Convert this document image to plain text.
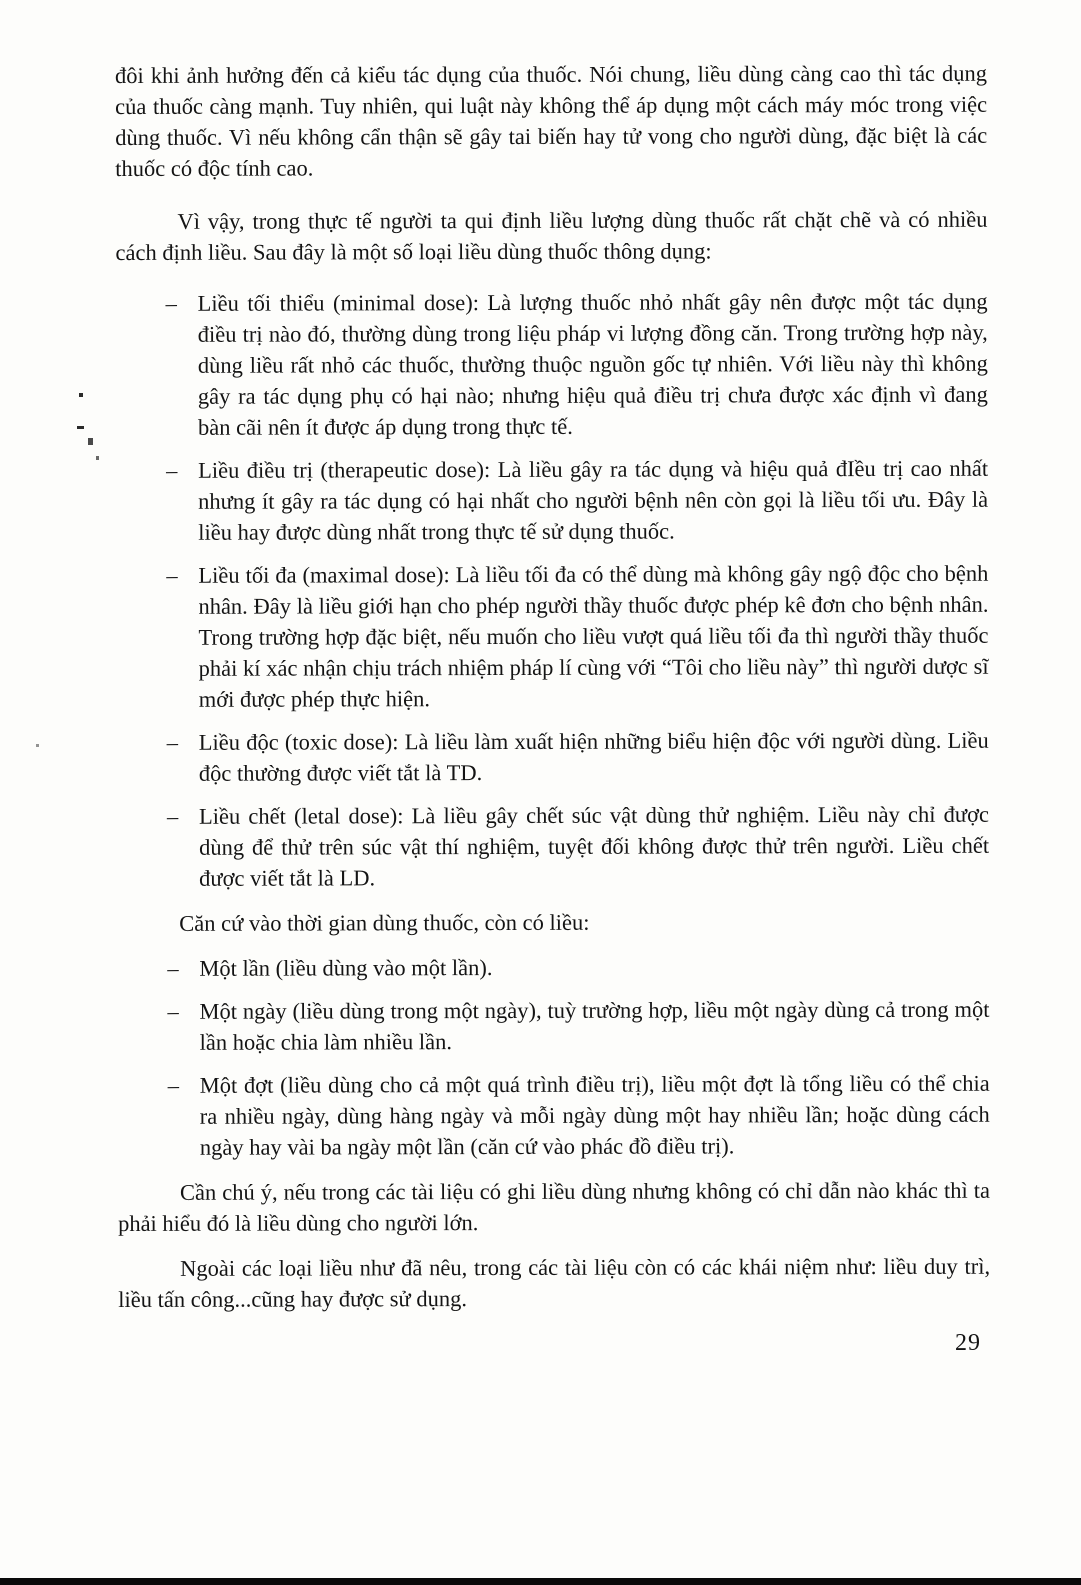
đôi khi ảnh hưởng đến cả kiểu tác dụng của thuốc. Nói chung, liều dùng càng cao thì tác dụng của thuốc càng mạnh. Tuy nhiên, qui luật này không thể áp dụng một cách máy móc trong việc dùng thuốc. Vì nếu không cẩn thận sẽ gây tai biến hay tử vong cho người dùng, đặc biệt là các thuốc có độc tính cao.

Vì vậy, trong thực tế người ta qui định liều lượng dùng thuốc rất chặt chẽ và có nhiều cách định liều. Sau đây là một số loại liều dùng thuốc thông dụng:

– Liều tối thiểu (minimal dose): Là lượng thuốc nhỏ nhất gây nên được một tác dụng điều trị nào đó, thường dùng trong liệu pháp vi lượng đồng căn. Trong trường hợp này, dùng liều rất nhỏ các thuốc, thường thuộc nguồn gốc tự nhiên. Với liều này thì không gây ra tác dụng phụ có hại nào; nhưng hiệu quả điều trị chưa được xác định vì đang bàn cãi nên ít được áp dụng trong thực tế.
– Liều điều trị (therapeutic dose): Là liều gây ra tác dụng và hiệu quả đIều trị cao nhất nhưng ít gây ra tác dụng có hại nhất cho người bệnh nên còn gọi là liều tối ưu. Đây là liều hay được dùng nhất trong thực tế sử dụng thuốc.
– Liều tối đa (maximal dose): Là liều tối đa có thể dùng mà không gây ngộ độc cho bệnh nhân. Đây là liều giới hạn cho phép người thầy thuốc được phép kê đơn cho bệnh nhân. Trong trường hợp đặc biệt, nếu muốn cho liều vượt quá liều tối đa thì người thầy thuốc phải kí xác nhận chịu trách nhiệm pháp lí cùng với “Tôi cho liều này” thì người dược sĩ mới được phép thực hiện.
– Liều độc (toxic dose): Là liều làm xuất hiện những biểu hiện độc với người dùng. Liều độc thường được viết tắt là TD.
– Liều chết (letal dose): Là liều gây chết súc vật dùng thử nghiệm. Liều này chỉ được dùng để thử trên súc vật thí nghiệm, tuyệt đối không được thử trên người. Liều chết được viết tắt là LD.

Căn cứ vào thời gian dùng thuốc, còn có liều:

– Một lần (liều dùng vào một lần).
– Một ngày (liều dùng trong một ngày), tuỳ trường hợp, liều một ngày dùng cả trong một lần hoặc chia làm nhiều lần.
– Một đợt (liều dùng cho cả một quá trình điều trị), liều một đợt là tổng liều có thể chia ra nhiều ngày, dùng hàng ngày và mỗi ngày dùng một hay nhiều lần; hoặc dùng cách ngày hay vài ba ngày một lần (căn cứ vào phác đồ điều trị).

Cần chú ý, nếu trong các tài liệu có ghi liều dùng nhưng không có chỉ dẫn nào khác thì ta phải hiểu đó là liều dùng cho người lớn.

Ngoài các loại liều như đã nêu, trong các tài liệu còn có các khái niệm như: liều duy trì, liều tấn công...cũng hay được sử dụng.

29
